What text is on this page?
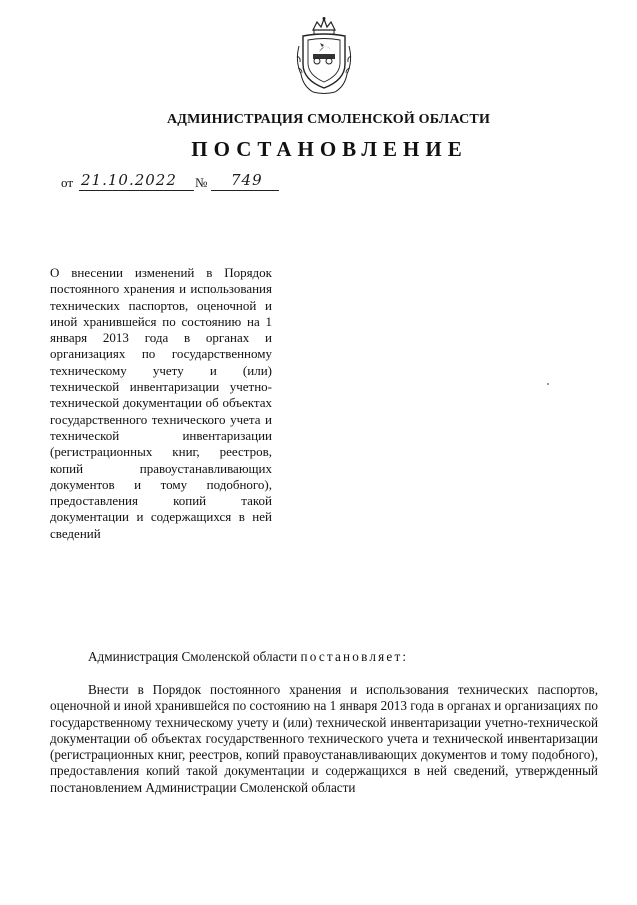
АДМИНИСТРАЦИЯ СМОЛЕНСКОЙ ОБЛАСТИ
ПОСТАНОВЛЕНИЕ
от 21.10.2022 № 749
О внесении изменений в Порядок постоянного хранения и использования технических паспортов, оценочной и иной хранившейся по состоянию на 1 января 2013 года в органах и организациях по государственному техническому учету и (или) технической инвентаризации учетно-технической документации об объектах государственного технического учета и технической инвентаризации (регистрационных книг, реестров, копий правоустанавливающих документов и тому подобного), предоставления копий такой документации и содержащихся в ней сведений
Администрация Смоленской области постановляет:
Внести в Порядок постоянного хранения и использования технических паспортов, оценочной и иной хранившейся по состоянию на 1 января 2013 года в органах и организациях по государственному техническому учету и (или) технической инвентаризации учетно-технической документации об объектах государственного технического учета и технической инвентаризации (регистрационных книг, реестров, копий правоустанавливающих документов и тому подобного), предоставления копий такой документации и содержащихся в ней сведений, утвержденный постановлением Администрации Смоленской области
